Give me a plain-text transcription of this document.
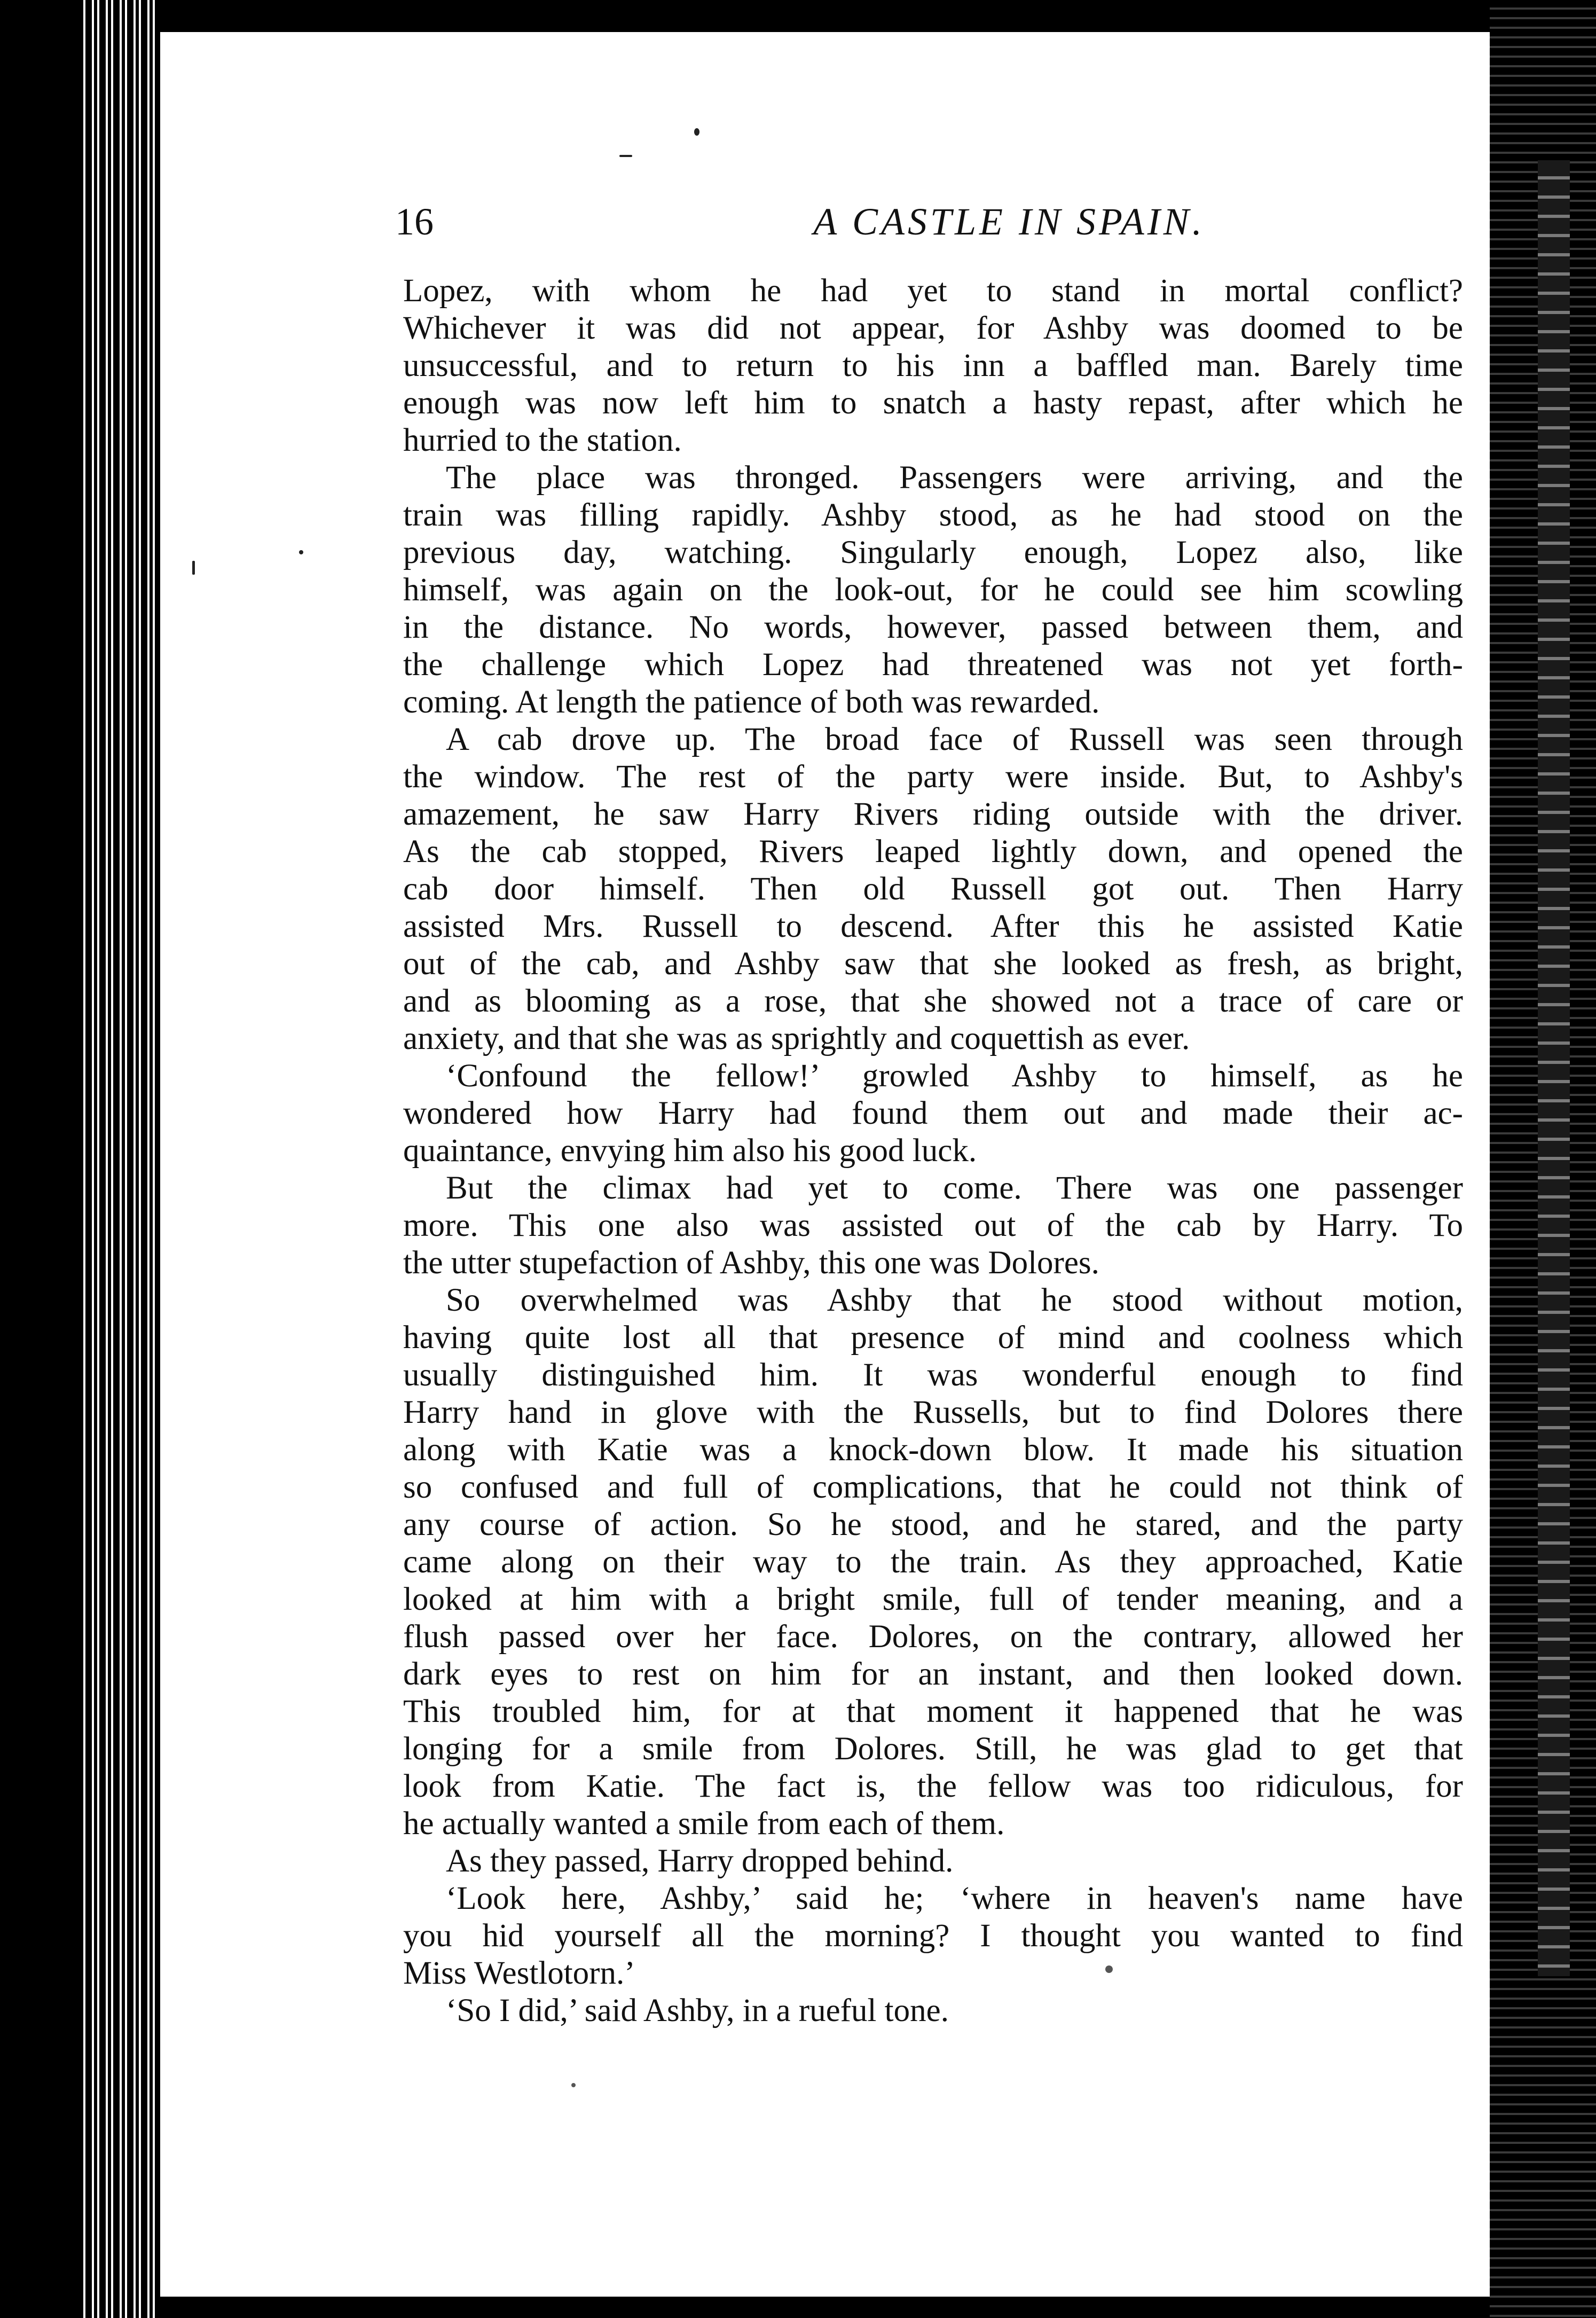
16	A CASTLE IN SPAIN.
Lopez, with whom he had yet to stand in mortal conflict?
Whichever it was did not appear, for Ashby was doomed to be
unsuccessful, and to return to his inn a baffled man. Barely time
enough was now left him to snatch a hasty repast, after which he
hurried to the station.
The place was thronged. Passengers were arriving, and the
train was filling rapidly. Ashby stood, as he had stood on the
previous day, watching. Singularly enough, Lopez also, like
himself, was again on the look-out, for he could see him scowling
in the distance. No words, however, passed between them, and
the challenge which Lopez had threatened was not yet forth-
coming. At length the patience of both was rewarded.
A cab drove up. The broad face of Russell was seen through
the window. The rest of the party were inside. But, to Ashby's
amazement, he saw Harry Rivers riding outside with the driver.
As the cab stopped, Rivers leaped lightly down, and opened the
cab door himself. Then old Russell got out. Then Harry
assisted Mrs. Russell to descend. After this he assisted Katie
out of the cab, and Ashby saw that she looked as fresh, as bright,
and as blooming as a rose, that she showed not a trace of care or
anxiety, and that she was as sprightly and coquettish as ever.
‘Confound the fellow!’ growled Ashby to himself, as he
wondered how Harry had found them out and made their ac-
quaintance, envying him also his good luck.
But the climax had yet to come. There was one passenger
more. This one also was assisted out of the cab by Harry. To
the utter stupefaction of Ashby, this one was Dolores.
So overwhelmed was Ashby that he stood without motion,
having quite lost all that presence of mind and coolness which
usually distinguished him. It was wonderful enough to find
Harry hand in glove with the Russells, but to find Dolores there
along with Katie was a knock-down blow. It made his situation
so confused and full of complications, that he could not think of
any course of action. So he stood, and he stared, and the party
came along on their way to the train. As they approached, Katie
looked at him with a bright smile, full of tender meaning, and a
flush passed over her face. Dolores, on the contrary, allowed her
dark eyes to rest on him for an instant, and then looked down.
This troubled him, for at that moment it happened that he was
longing for a smile from Dolores. Still, he was glad to get that
look from Katie. The fact is, the fellow was too ridiculous, for
he actually wanted a smile from each of them.
As they passed, Harry dropped behind.
‘Look here, Ashby,’ said he; ‘where in heaven's name have
you hid yourself all the morning? I thought you wanted to find
Miss Westlotorn.’
‘So I did,’ said Ashby, in a rueful tone.
